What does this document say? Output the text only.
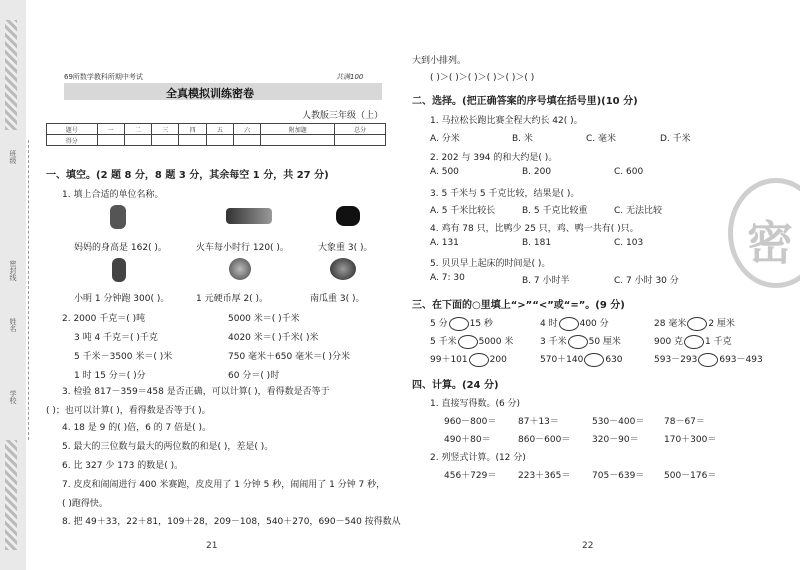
班级
密封线
姓名
学校
69所数学教科所期中考试	共满100
全真模拟训练密卷
人教版三年级（上）
题号	一	二	三	四	五	六	附加题	总分
得分								
一、填空。(2 题 8 分，8 题 3 分，其余每空 1 分，共 27 分)
1. 填上合适的单位名称。
妈妈的身高是 162( )。	火车每小时行 120( )。	大象重 3( )。
小明 1 分钟跑 300( )。	1 元硬币厚 2( )。	南瓜重 3( )。
2. 2000 千克＝( )吨	5000 米＝( )千米
3 吨 4 千克＝( )千克	4020 米＝( )千米( )米
5 千米－3500 米＝( )米	750 毫米＋650 毫米＝( )分米
1 时 15 分＝( )分	60 分＝( )时
3. 检验 817－359＝458 是否正确，可以计算( )，看得数是否等于
( )；也可以计算( )，看得数是否等于( )。
4. 18 是 9 的( )倍，6 的 7 倍是( )。
5. 最大的三位数与最大的两位数的和是( )，差是( )。
6. 比 327 少 173 的数是( )。
7. 皮皮和闹闹进行 400 米赛跑，皮皮用了 1 分钟 5 秒，闹闹用了 1 分钟 7 秒，
( )跑得快。
8. 把 49＋33，22＋81，109＋28，209－108，540＋270，690－540 按得数从
21
大到小排列。
( )＞( )＞( )＞( )＞( )＞( )
二、选择。(把正确答案的序号填在括号里)(10 分)
1. 马拉松长跑比赛全程大约长 42( )。
A. 分米	B. 米	C. 毫米	D. 千米
2. 202 与 394 的和大约是( )。
A. 500	B. 200	C. 600
3. 5 千米与 5 千克比较，结果是( )。
A. 5 千米比较长	B. 5 千克比较重	C. 无法比较
4. 鸡有 78 只，比鸭少 25 只，鸡、鸭一共有( )只。
A. 131	B. 181	C. 103
5. 贝贝早上起床的时间是( )。
A. 7: 30	B. 7 小时半	C. 7 小时 30 分
三、在下面的○里填上“>”“<”或“=”。(9 分)
5 分 15 秒	4 时 400 分	28 毫米 2 厘米
5 千米 5000 米	3 千米 50 厘米	900 克 1 千克
99＋101 200	570＋140 630	593－293 693－493
四、计算。(24 分)
1. 直接写得数。(6 分)
960－800＝ 87＋13＝	530－400＝ 78－67＝
490＋80＝	860－600＝ 320－90＝	170＋300＝
2. 列竖式计算。(12 分)
456＋729＝ 223＋365＝ 705－639＝ 500－176＝
22
密
